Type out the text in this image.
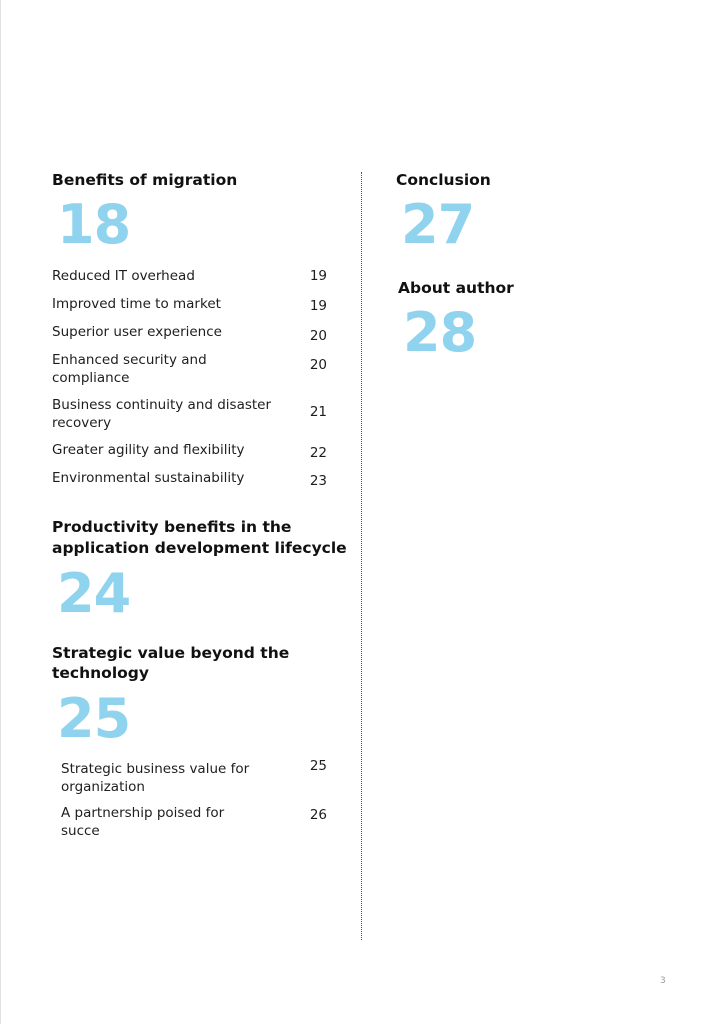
Benefits of migration
18
Reduced IT overhead	19
Improved time to market	19
Superior user experience	20
Enhanced security and compliance
20
Business continuity and disaster recovery
21
Greater agility and flexibility	22
Environmental sustainability	23
Productivity benefits in the
application development lifecycle
24
Strategic value beyond the
technology
25
Strategic business value for organization
25
A partnership poised for succe
26
Conclusion
27
About author
28
3
